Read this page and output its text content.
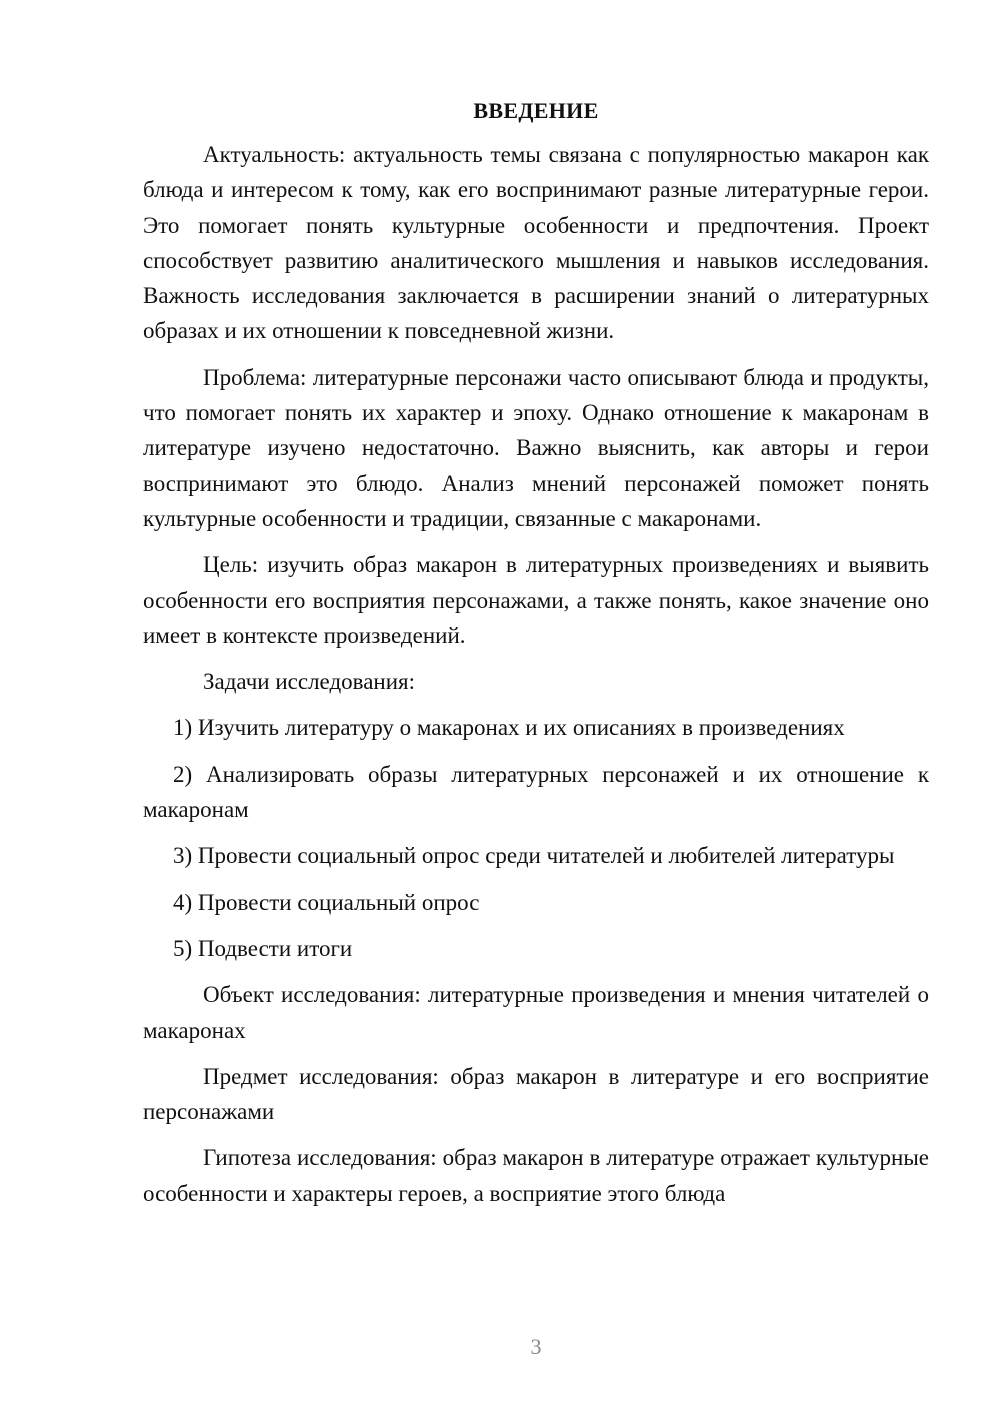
ВВЕДЕНИЕ

Актуальность: актуальность темы связана с популярностью макарон как блюда и интересом к тому, как его воспринимают разные литературные герои. Это помогает понять культурные особенности и предпочтения. Проект способствует развитию аналитического мышления и навыков исследования. Важность исследования заключается в расширении знаний о литературных образах и их отношении к повседневной жизни.

Проблема: литературные персонажи часто описывают блюда и продукты, что помогает понять их характер и эпоху. Однако отношение к макаронам в литературе изучено недостаточно. Важно выяснить, как авторы и герои воспринимают это блюдо. Анализ мнений персонажей поможет понять культурные особенности и традиции, связанные с макаронами.

Цель: изучить образ макарон в литературных произведениях и выявить особенности его восприятия персонажами, а также понять, какое значение оно имеет в контексте произведений.

Задачи исследования:

1) Изучить литературу о макаронах и их описаниях в произведениях

2) Анализировать образы литературных персонажей и их отношение к макаронам

3) Провести социальный опрос среди читателей и любителей литературы

4) Провести социальный опрос

5) Подвести итоги

Объект исследования: литературные произведения и мнения читателей о макаронах

Предмет исследования: образ макарон в литературе и его восприятие персонажами

Гипотеза исследования: образ макарон в литературе отражает культурные особенности и характеры героев, а восприятие этого блюда

3
